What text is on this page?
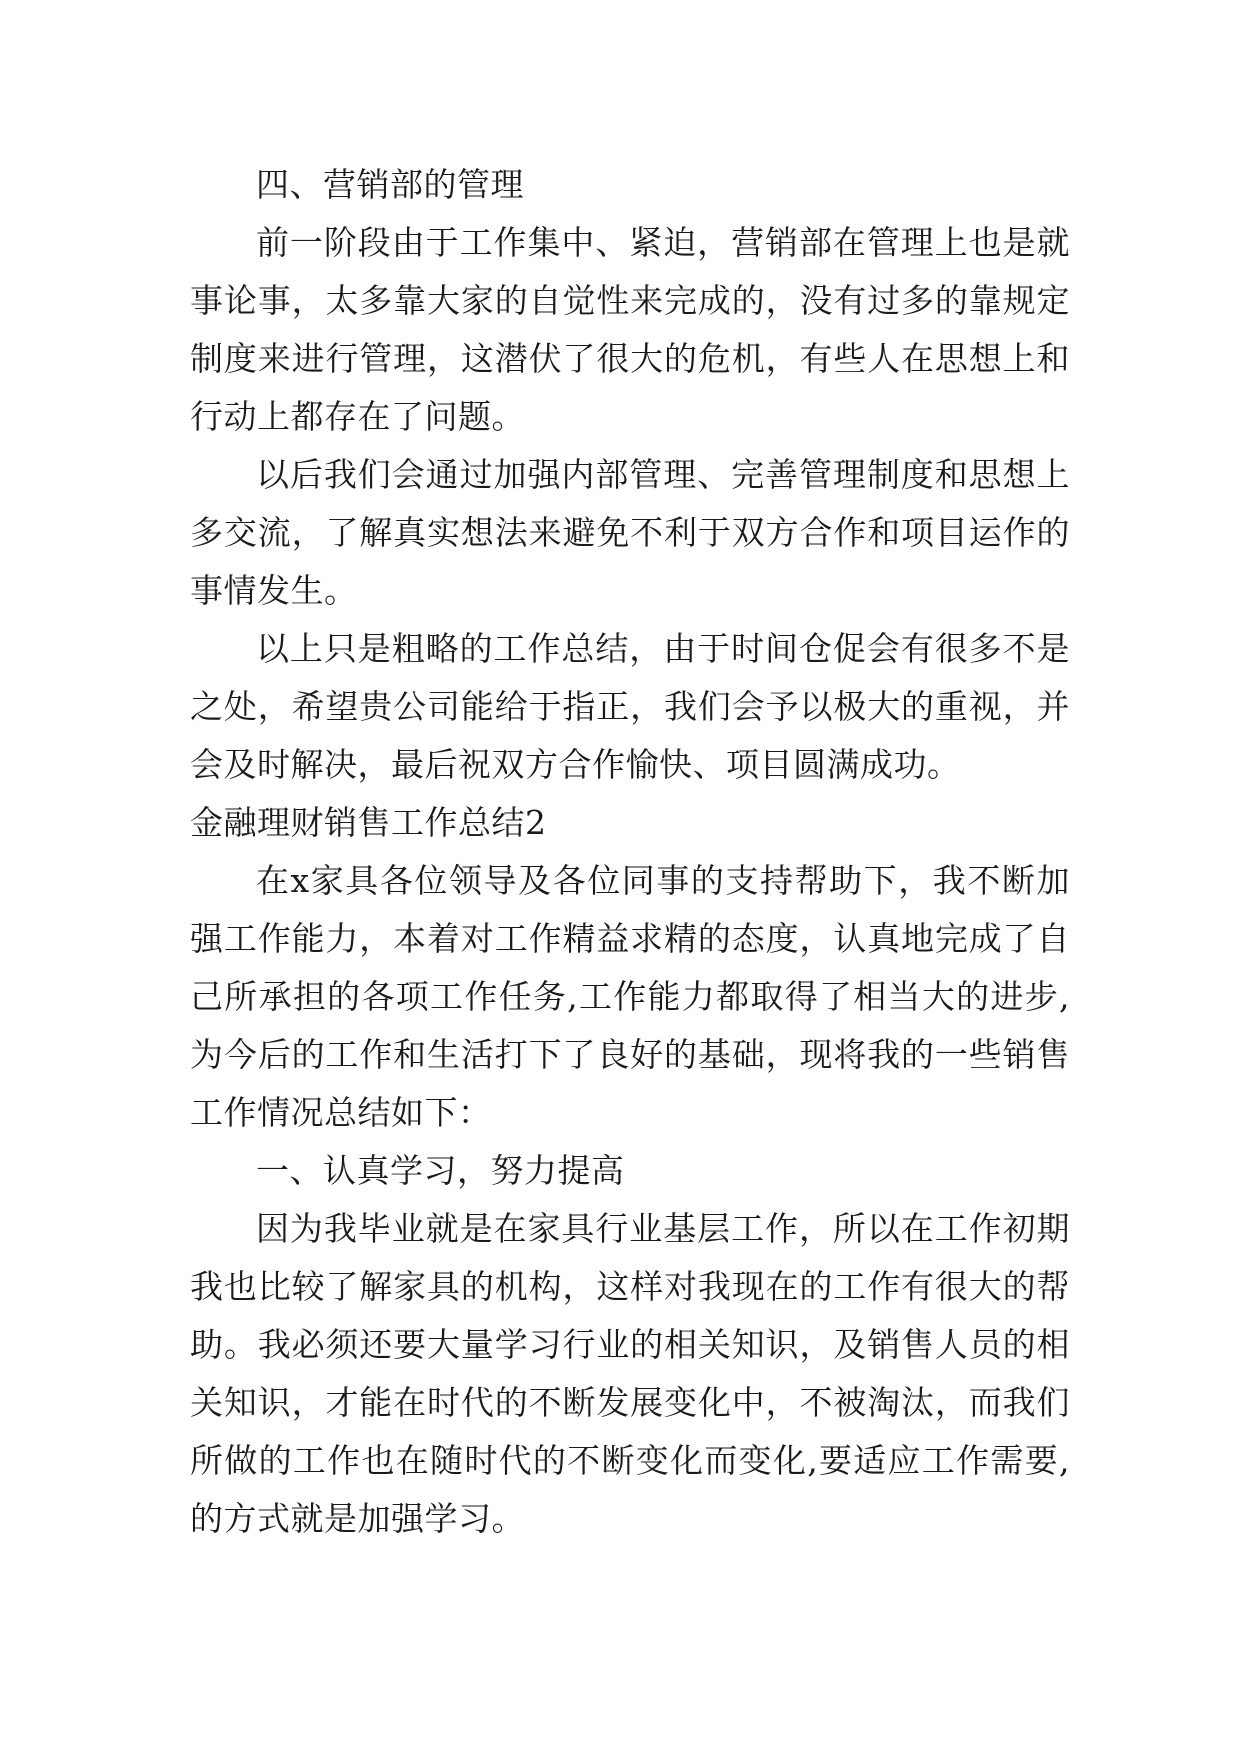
四、营销部的管理
前一阶段由于工作集中、紧迫，营销部在管理上也是就
事论事，太多靠大家的自觉性来完成的，没有过多的靠规定
制度来进行管理，这潜伏了很大的危机，有些人在思想上和
行动上都存在了问题。
以后我们会通过加强内部管理、完善管理制度和思想上
多交流，了解真实想法来避免不利于双方合作和项目运作的
事情发生。
以上只是粗略的工作总结，由于时间仓促会有很多不是
之处，希望贵公司能给于指正，我们会予以极大的重视，并
会及时解决，最后祝双方合作愉快、项目圆满成功。
金融理财销售工作总结2
在x家具各位领导及各位同事的支持帮助下，我不断加
强工作能力，本着对工作精益求精的态度，认真地完成了自
己所承担的各项工作任务,工作能力都取得了相当大的进步,
为今后的工作和生活打下了良好的基础，现将我的一些销售
工作情况总结如下：
一、认真学习，努力提高
因为我毕业就是在家具行业基层工作，所以在工作初期
我也比较了解家具的机构，这样对我现在的工作有很大的帮
助。我必须还要大量学习行业的相关知识，及销售人员的相
关知识，才能在时代的不断发展变化中，不被淘汰，而我们
所做的工作也在随时代的不断变化而变化,要适应工作需要,
的方式就是加强学习。
